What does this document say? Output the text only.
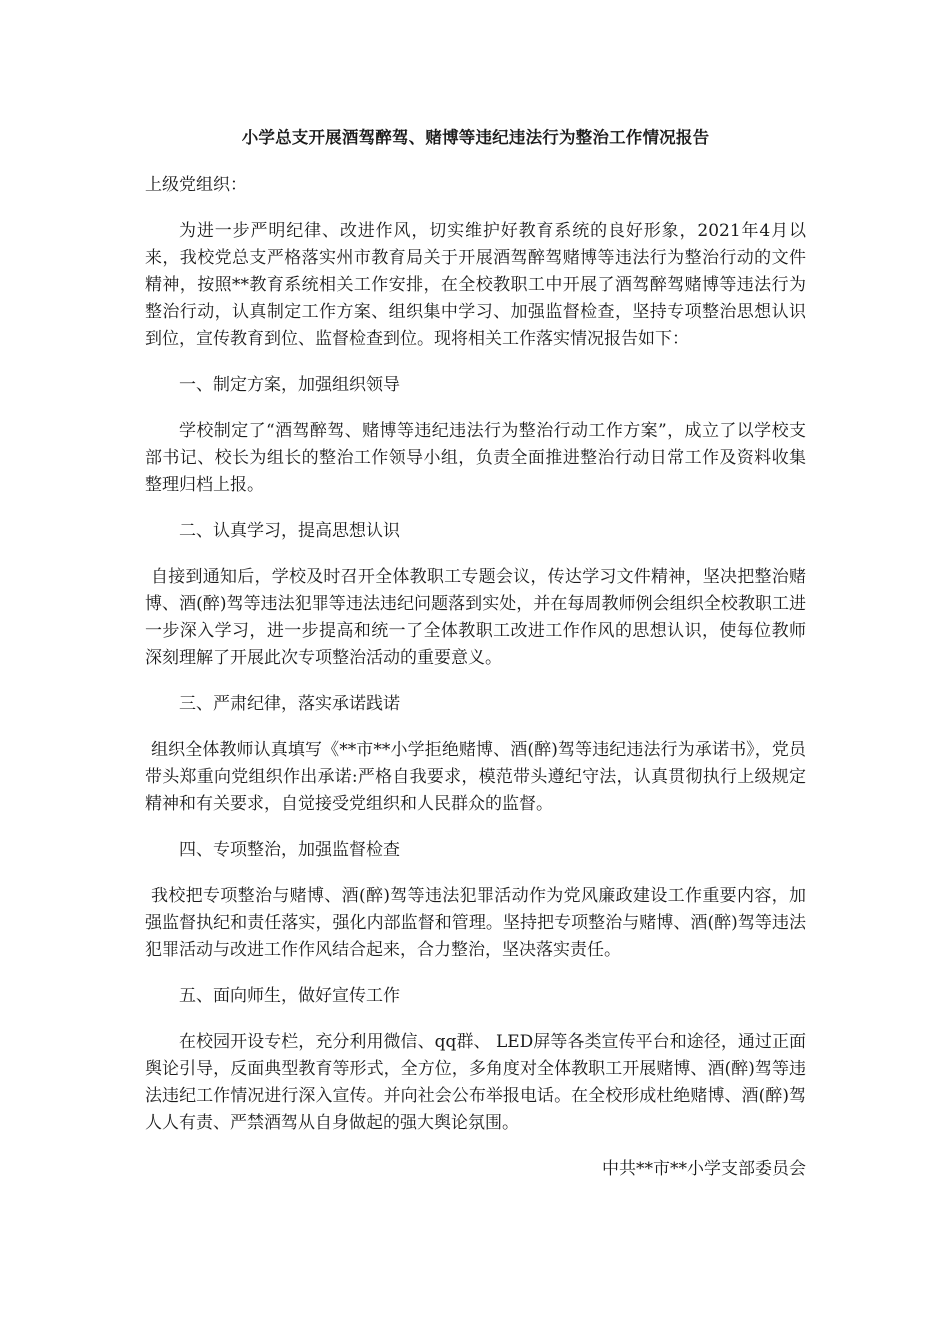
小学总支开展酒驾醉驾、赌博等违纪违法行为整治工作情况报告

上级党组织：

为进一步严明纪律、改进作风，切实维护好教育系统的良好形象，2021年4月以来，我校党总支严格落实州市教育局关于开展酒驾醉驾赌博等违法行为整治行动的文件精神，按照**教育系统相关工作安排，在全校教职工中开展了酒驾醉驾赌博等违法行为整治行动，认真制定工作方案、组织集中学习、加强监督检查，坚持专项整治思想认识到位，宣传教育到位、监督检查到位。现将相关工作落实情况报告如下：

一、制定方案，加强组织领导

学校制定了“酒驾醉驾、赌博等违纪违法行为整治行动工作方案”，成立了以学校支部书记、校长为组长的整治工作领导小组，负责全面推进整治行动日常工作及资料收集整理归档上报。

二、认真学习，提高思想认识

自接到通知后，学校及时召开全体教职工专题会议，传达学习文件精神，坚决把整治赌博、酒(醉)驾等违法犯罪等违法违纪问题落到实处，并在每周教师例会组织全校教职工进一步深入学习，进一步提高和统一了全体教职工改进工作作风的思想认识，使每位教师深刻理解了开展此次专项整治活动的重要意义。

三、严肃纪律，落实承诺践诺

组织全体教师认真填写《**市**小学拒绝赌博、酒(醉)驾等违纪违法行为承诺书》，党员带头郑重向党组织作出承诺:严格自我要求，模范带头遵纪守法，认真贯彻执行上级规定精神和有关要求，自觉接受党组织和人民群众的监督。

四、专项整治，加强监督检查

我校把专项整治与赌博、酒(醉)驾等违法犯罪活动作为党风廉政建设工作重要内容，加强监督执纪和责任落实，强化内部监督和管理。坚持把专项整治与赌博、酒(醉)驾等违法犯罪活动与改进工作作风结合起来，合力整治，坚决落实责任。

五、面向师生，做好宣传工作

在校园开设专栏，充分利用微信、qq群、 LED屏等各类宣传平台和途径，通过正面舆论引导，反面典型教育等形式，全方位，多角度对全体教职工开展赌博、酒(醉)驾等违法违纪工作情况进行深入宣传。并向社会公布举报电话。在全校形成杜绝赌博、酒(醉)驾人人有责、严禁酒驾从自身做起的强大舆论氛围。

中共**市**小学支部委员会
